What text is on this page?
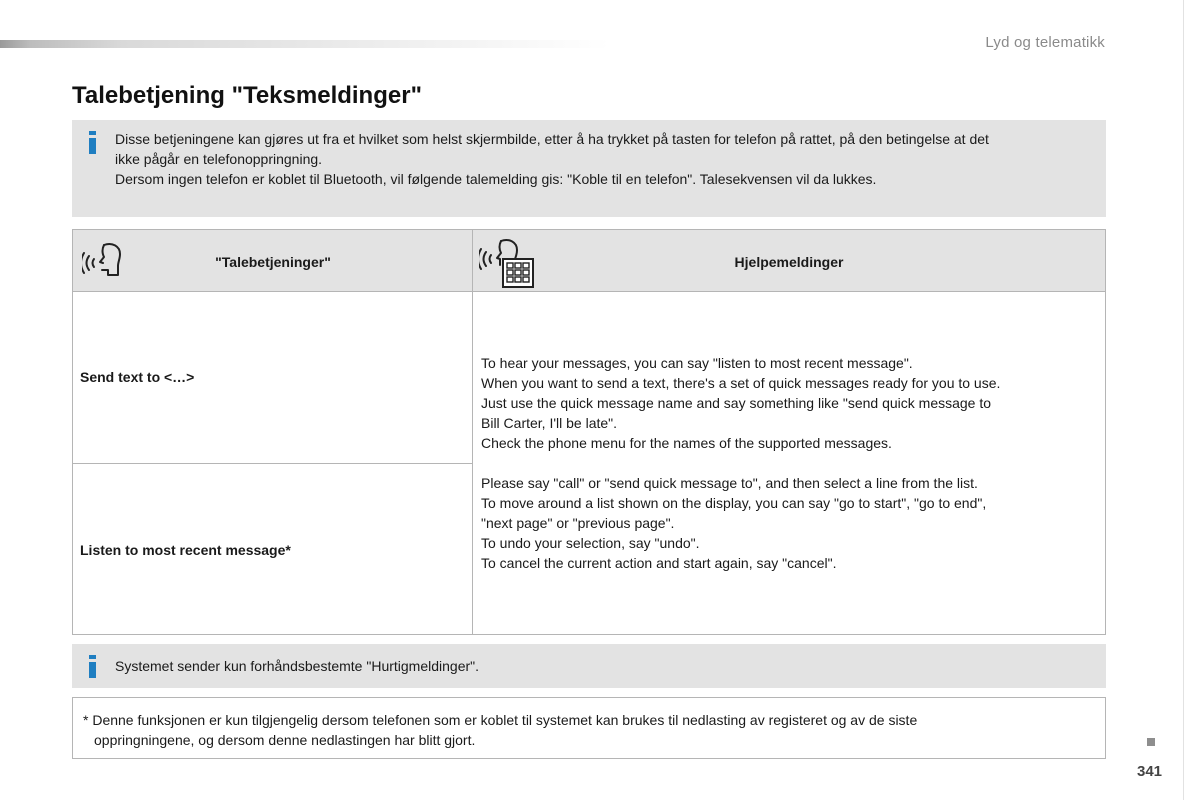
Lyd og telematikk
Talebetjening "Teksmeldinger"

Disse betjeningene kan gjøres ut fra et hvilket som helst skjermbilde, etter å ha trykket på tasten for telefon på rattet, på den betingelse at det

ikke pågår en telefonoppringning.

Dersom ingen telefon er koblet til Bluetooth, vil følgende talemelding gis: "Koble til en telefon". Talesekvensen vil da lukkes.

"Talebetjeninger"	Hjelpemeldinger
Send text to <…>
Listen to most recent message*

To hear your messages, you can say "listen to most recent message".

When you want to send a text, there's a set of quick messages ready for you to use.

Just use the quick message name and say something like "send quick message to

Bill Carter, I'll be late".

Check the phone menu for the names of the supported messages.

Please say "call" or "send quick message to", and then select a line from the list.

To move around a list shown on the display, you can say "go to start", "go to end",

"next page" or "previous page".

To undo your selection, say "undo".

To cancel the current action and start again, say "cancel".

Systemet sender kun forhåndsbestemte "Hurtigmeldinger".

* Denne funksjonen er kun tilgjengelig dersom telefonen som er koblet til systemet kan brukes til nedlasting av registeret og av de siste

oppringningene, og dersom denne nedlastingen har blitt gjort.

341
